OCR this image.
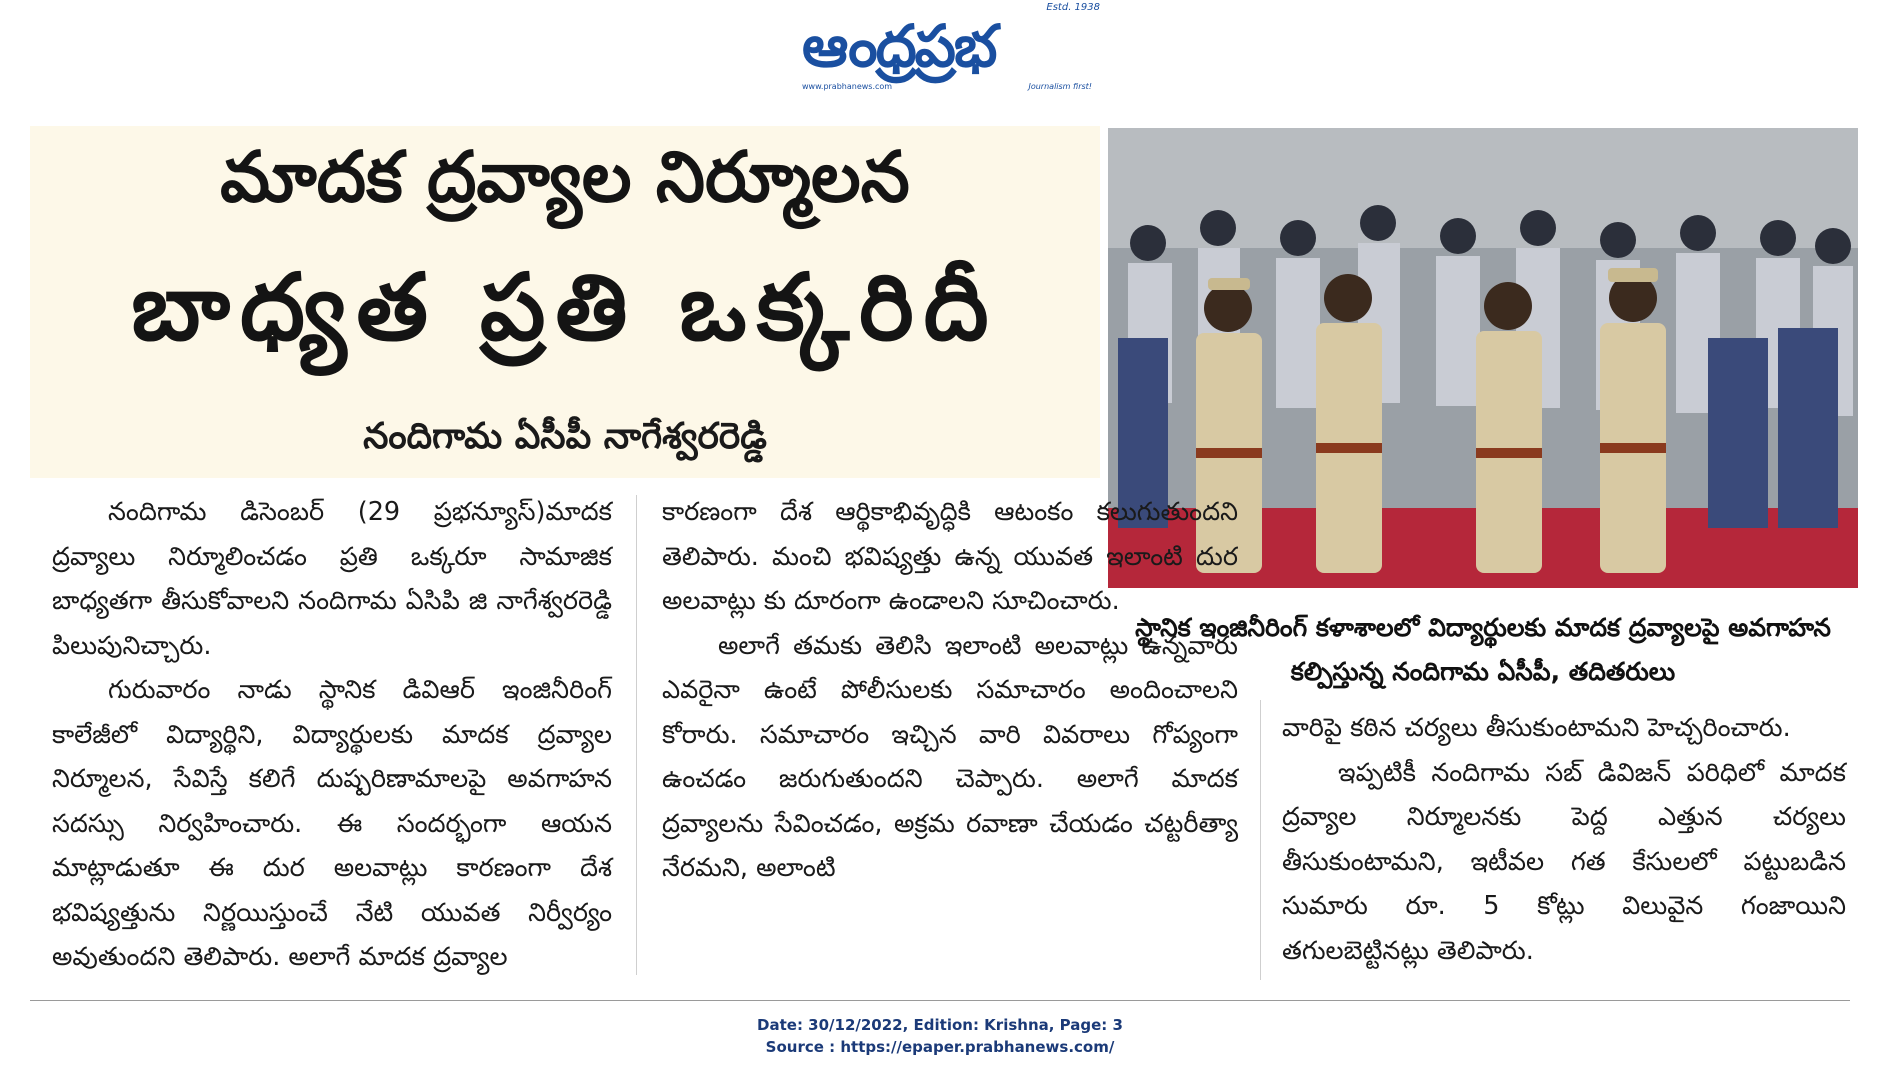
Estd. 1938
ఆంధ్రప్రభ
www.prabhanews.com	Journalism first!
మాదక ద్రవ్యాల నిర్మూలన
బాధ్యత ప్రతి ఒక్కరిదీ
నందిగామ ఏసీపీ నాగేశ్వరరెడ్డి
స్థానిక ఇంజినీరింగ్ కళాశాలలో విద్యార్థులకు మాదక ద్రవ్యాలపై అవగాహన కల్పిస్తున్న నందిగామ ఏసీపీ, తదితరులు

నందిగామ డిసెంబర్ (29 ప్రభన్యూస్)మాదక ద్రవ్యాలు నిర్మూలించడం ప్రతి ఒక్కరూ సామాజిక బాధ్యతగా తీసుకోవాలని నందిగామ ఏసిపి జి నాగేశ్వరరెడ్డి పిలుపునిచ్చారు.

గురువారం నాడు స్థానిక డివిఆర్ ఇంజినీరింగ్ కాలేజీలో విద్యార్థిని, విద్యార్థులకు మాదక ద్రవ్యాల నిర్మూలన, సేవిస్తే కలిగే దుష్పరిణామాలపై అవగాహన సదస్సు నిర్వహించారు. ఈ సందర్భంగా ఆయన మాట్లాడుతూ ఈ దుర అలవాట్లు కారణంగా దేశ భవిష్యత్తును నిర్ణయిస్తుంచే నేటి యువత నిర్వీర్యం అవుతుందని తెలిపారు. అలాగే మాదక ద్రవ్యాల

కారణంగా దేశ ఆర్థికాభివృద్ధికి ఆటంకం కలుగుతుందని తెలిపారు. మంచి భవిష్యత్తు ఉన్న యువత ఇలాంటి దుర అలవాట్లు కు దూరంగా ఉండాలని సూచించారు.

అలాగే తమకు తెలిసి ఇలాంటి అలవాట్లు ఉన్నవారు ఎవరైనా ఉంటే పోలీసులకు సమాచారం అందించాలని కోరారు. సమాచారం ఇచ్చిన వారి వివరాలు గోప్యంగా ఉంచడం జరుగుతుందని చెప్పారు. అలాగే మాదక ద్రవ్యాలను సేవించడం, అక్రమ రవాణా చేయడం చట్టరీత్యా నేరమని, అలాంటి

వారిపై కఠిన చర్యలు తీసుకుంటామని హెచ్చరించారు.

ఇప్పటికీ నందిగామ సబ్ డివిజన్ పరిధిలో మాదక ద్రవ్యాల నిర్మూలనకు పెద్ద ఎత్తున చర్యలు తీసుకుంటామని, ఇటీవల గత కేసులలో పట్టుబడిన సుమారు రూ. 5 కోట్లు విలువైన గంజాయిని తగులబెట్టినట్లు తెలిపారు.

Date: 30/12/2022, Edition: Krishna, Page: 3
Source : https://epaper.prabhanews.com/
